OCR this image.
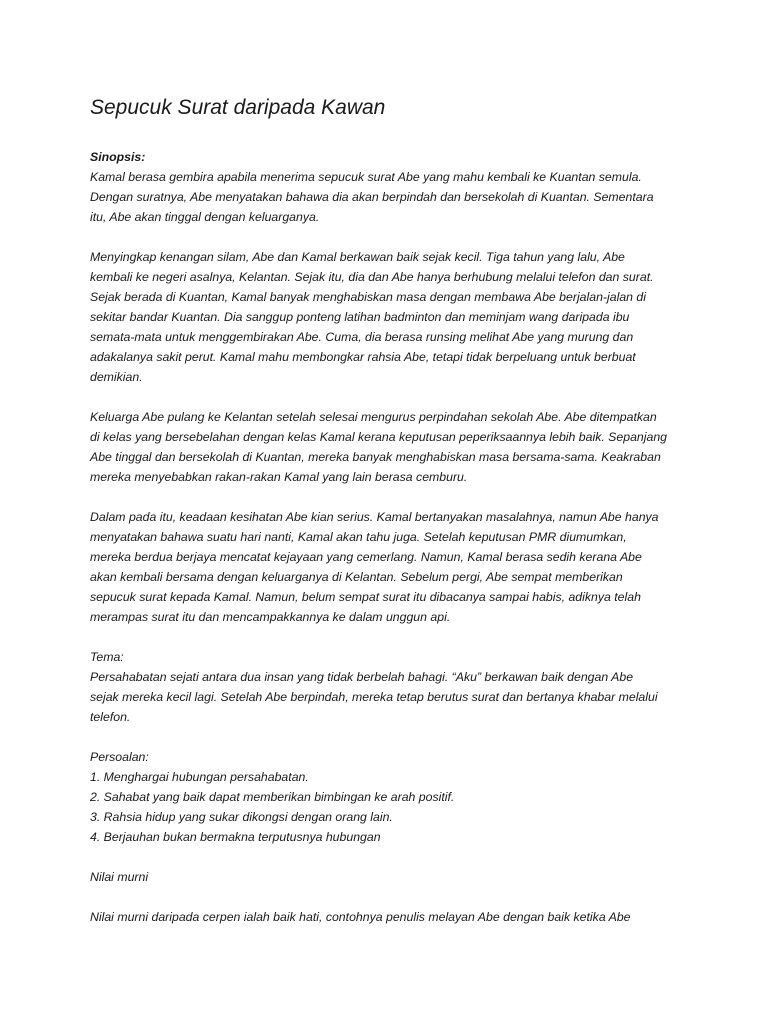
Sepucuk Surat daripada Kawan
Sinopsis:
Kamal berasa gembira apabila menerima sepucuk surat Abe yang mahu kembali ke Kuantan semula.
Dengan suratnya, Abe menyatakan bahawa dia akan berpindah dan bersekolah di Kuantan. Sementara
itu, Abe akan tinggal dengan keluarganya.
Menyingkap kenangan silam, Abe dan Kamal berkawan baik sejak kecil. Tiga tahun yang lalu, Abe
kembali ke negeri asalnya, Kelantan. Sejak itu, dia dan Abe hanya berhubung melalui telefon dan surat.
Sejak berada di Kuantan, Kamal banyak menghabiskan masa dengan membawa Abe berjalan-jalan di
sekitar bandar Kuantan. Dia sanggup ponteng latihan badminton dan meminjam wang daripada ibu
semata-mata untuk menggembirakan Abe. Cuma, dia berasa runsing melihat Abe yang murung dan
adakalanya sakit perut. Kamal mahu membongkar rahsia Abe, tetapi tidak berpeluang untuk berbuat
demikian.
Keluarga Abe pulang ke Kelantan setelah selesai mengurus perpindahan sekolah Abe. Abe ditempatkan
di kelas yang bersebelahan dengan kelas Kamal kerana keputusan peperiksaannya lebih baik. Sepanjang
Abe tinggal dan bersekolah di Kuantan, mereka banyak menghabiskan masa bersama-sama. Keakraban
mereka menyebabkan rakan-rakan Kamal yang lain berasa cemburu.
Dalam pada itu, keadaan kesihatan Abe kian serius. Kamal bertanyakan masalahnya, namun Abe hanya
menyatakan bahawa suatu hari nanti, Kamal akan tahu juga. Setelah keputusan PMR diumumkan,
mereka berdua berjaya mencatat kejayaan yang cemerlang. Namun, Kamal berasa sedih kerana Abe
akan kembali bersama dengan keluarganya di Kelantan. Sebelum pergi, Abe sempat memberikan
sepucuk surat kepada Kamal. Namun, belum sempat surat itu dibacanya sampai habis, adiknya telah
merampas surat itu dan mencampakkannya ke dalam unggun api.
Tema:
Persahabatan sejati antara dua insan yang tidak berbelah bahagi. “Aku” berkawan baik dengan Abe
sejak mereka kecil lagi. Setelah Abe berpindah, mereka tetap berutus surat dan bertanya khabar melalui
telefon.
Persoalan:
1. Menghargai hubungan persahabatan.
2. Sahabat yang baik dapat memberikan bimbingan ke arah positif.
3. Rahsia hidup yang sukar dikongsi dengan orang lain.
4. Berjauhan bukan bermakna terputusnya hubungan
Nilai murni
Nilai murni daripada cerpen ialah baik hati, contohnya penulis melayan Abe dengan baik ketika Abe
